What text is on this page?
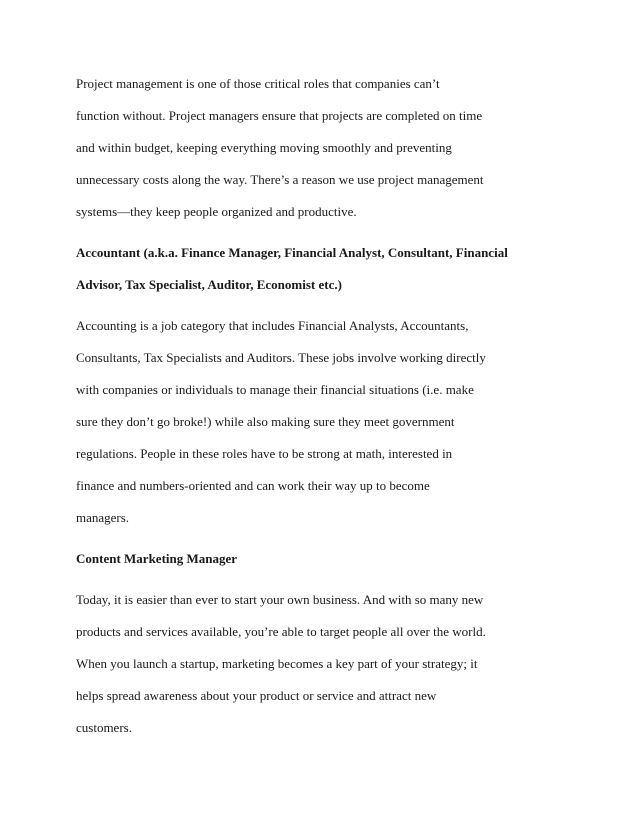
Project management is one of those critical roles that companies can’t
function without. Project managers ensure that projects are completed on time
and within budget, keeping everything moving smoothly and preventing
unnecessary costs along the way. There’s a reason we use project management
systems—they keep people organized and productive.
Accountant (a.k.a. Finance Manager, Financial Analyst, Consultant, Financial
Advisor, Tax Specialist, Auditor, Economist etc.)
Accounting is a job category that includes Financial Analysts, Accountants,
Consultants, Tax Specialists and Auditors. These jobs involve working directly
with companies or individuals to manage their financial situations (i.e. make
sure they don’t go broke!) while also making sure they meet government
regulations. People in these roles have to be strong at math, interested in
finance and numbers-oriented and can work their way up to become
managers.
Content Marketing Manager
Today, it is easier than ever to start your own business. And with so many new
products and services available, you’re able to target people all over the world.
When you launch a startup, marketing becomes a key part of your strategy; it
helps spread awareness about your product or service and attract new
customers.
